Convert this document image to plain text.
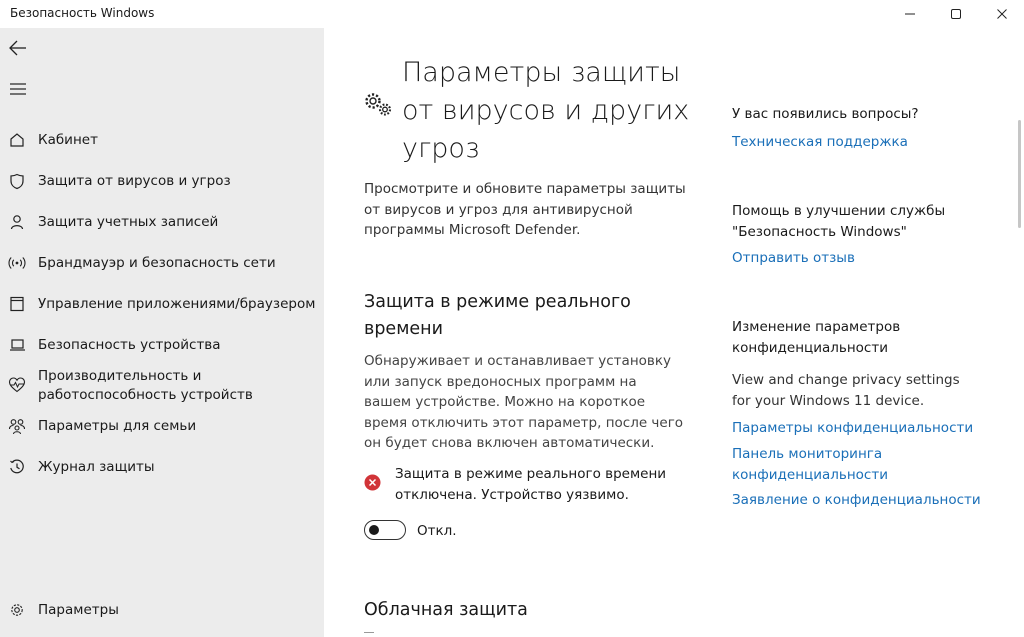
Безопасность Windows
Кабинет
Защита от вирусов и угроз
Защита учетных записей
Брандмауэр и безопасность сети
Управление приложениями/браузером
Безопасность устройства
Производительность и
работоспособность устройств
Параметры для семьи
Журнал защиты
Параметры
Параметры защиты
от вирусов и других
угроз
Просмотрите и обновите параметры защиты
от вирусов и угроз для антивирусной
программы Microsoft Defender.
Защита в режиме реального
времени
Обнаруживает и останавливает установку
или запуск вредоносных программ на
вашем устройстве. Можно на короткое
время отключить этот параметр, после чего
он будет снова включен автоматически.
Защита в режиме реального времени
отключена. Устройство уязвимо.
Откл.
Облачная защита
У вас появились вопросы?
Техническая поддержка
Помощь в улучшении службы
"Безопасность Windows"
Отправить отзыв
Изменение параметров
конфиденциальности
View and change privacy settings
for your Windows 11 device.
Параметры конфиденциальности
Панель мониторинга
конфиденциальности
Заявление о конфиденциальности
